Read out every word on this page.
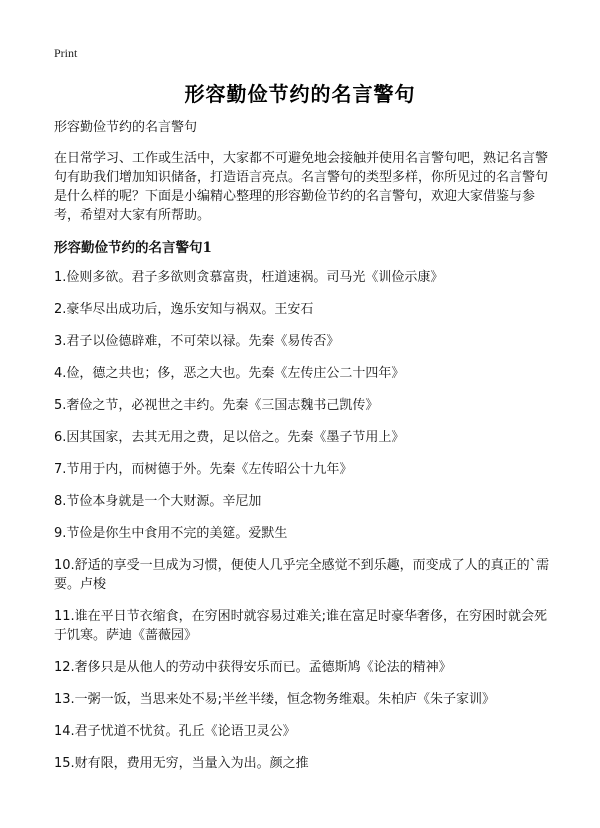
Print
形容勤俭节约的名言警句

形容勤俭节约的名言警句

在日常学习、工作或生活中，大家都不可避免地会接触并使用名言警句吧，熟记名言警句有助我们增加知识储备，打造语言亮点。名言警句的类型多样，你所见过的名言警句是什么样的呢？下面是小编精心整理的形容勤俭节约的名言警句，欢迎大家借鉴与参考，希望对大家有所帮助。

形容勤俭节约的名言警句1
1.俭则多欲。君子多欲则贪慕富贵，枉道速祸。司马光《训俭示康》
2.豪华尽出成功后，逸乐安知与祸双。王安石
3.君子以俭德辟难，不可荣以禄。先秦《易传否》
4.俭，德之共也；侈，恶之大也。先秦《左传庄公二十四年》
5.奢俭之节，必视世之丰约。先秦《三国志魏书己凯传》
6.因其国家，去其无用之费，足以倍之。先秦《墨子节用上》
7.节用于内，而树德于外。先秦《左传昭公十九年》
8.节俭本身就是一个大财源。辛尼加
9.节俭是你生中食用不完的美筵。爱默生
10.舒适的享受一旦成为习惯，便使人几乎完全感觉不到乐趣，而变成了人的真正的`需要。卢梭
11.谁在平日节衣缩食，在穷困时就容易过难关;谁在富足时豪华奢侈，在穷困时就会死于饥寒。萨迪《蔷薇园》
12.奢侈只是从他人的劳动中获得安乐而已。孟德斯鸠《论法的精神》
13.一粥一饭，当思来处不易;半丝半缕，恒念物务维艰。朱柏庐《朱子家训》
14.君子忧道不忧贫。孔丘《论语卫灵公》
15.财有限，费用无穷，当量入为出。颜之推
